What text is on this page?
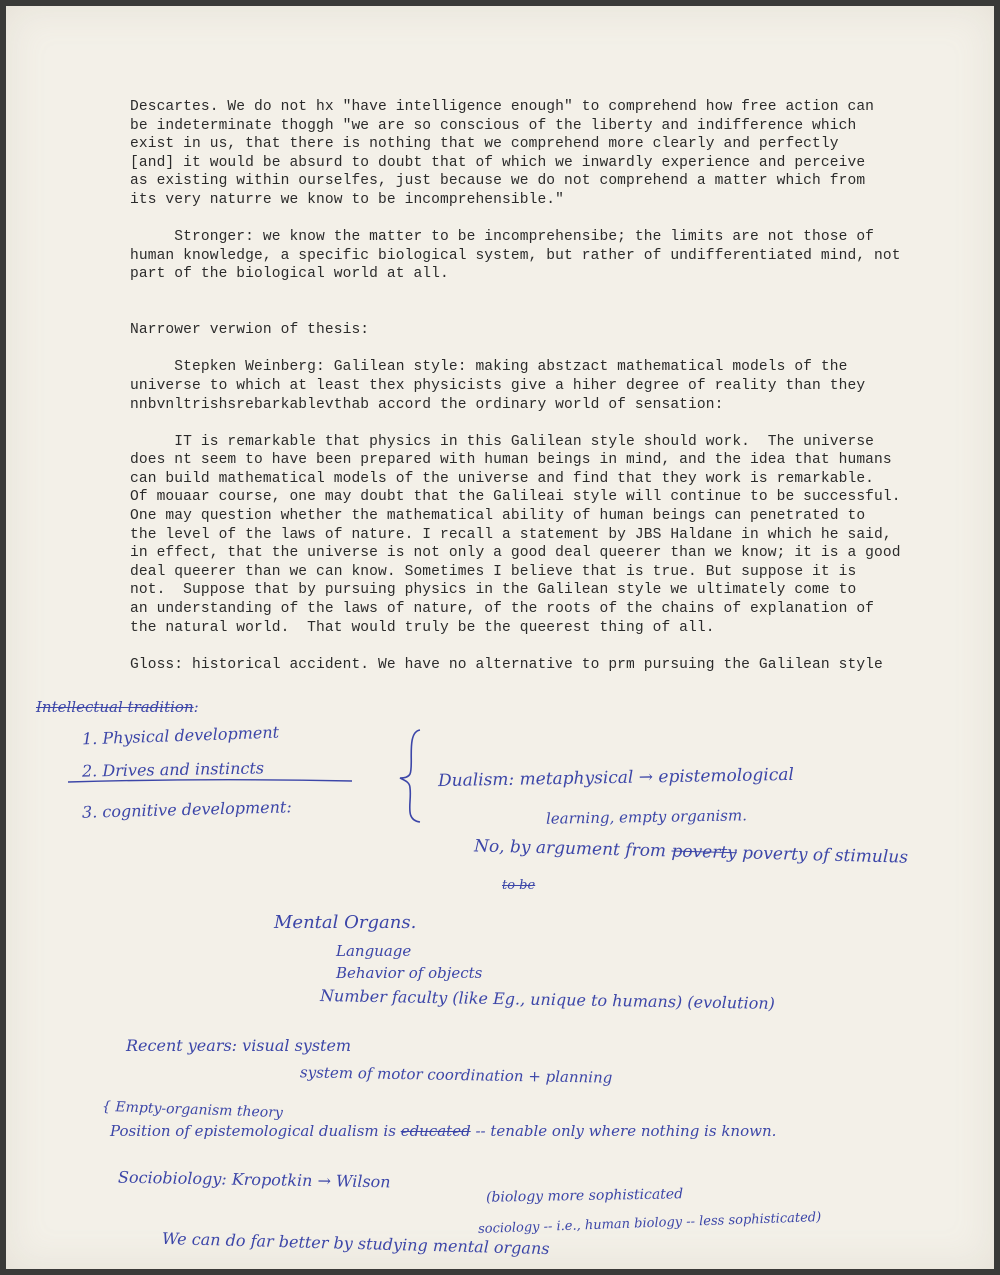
Descartes. We do not hx "have intelligence enough" to comprehend how free action can
be indeterminate thoggh "we are so conscious of the liberty and indifference which
exist in us, that there is nothing that we comprehend more clearly and perfectly
[and] it would be absurd to doubt that of which we inwardly experience and perceive
as existing within ourselfes, just because we do not comprehend a matter which from
its very naturre we know to be incomprehensible."
Stronger: we know the matter to be incomprehensibe; the limits are not those of
human knowledge, a specific biological system, but rather of undifferentiated mind, not
part of the biological world at all.
Narrower verwion of thesis:
Stepken Weinberg: Galilean style: making abstzact mathematical models of the
universe to which at least thex physicists give a hiher degree of reality than they
nnbvnltrishsrebarkablevthab accord the ordinary world of sensation:
IT is remarkable that physics in this Galilean style should work.  The universe
does nt seem to have been prepared with human beings in mind, and the idea that humans
can build mathematical models of the universe and find that they work is remarkable.
Of mouaar course, one may doubt that the Galileai style will continue to be successful.
One may question whether the mathematical ability of human beings can penetrated to
the level of the laws of nature. I recall a statement by JBS Haldane in which he said,
in effect, that the universe is not only a good deal queerer than we know; it is a good
deal queerer than we can know. Sometimes I believe that is true. But suppose it is
not.  Suppose that by pursuing physics in the Galilean style we ultimately come to
an understanding of the laws of nature, of the roots of the chains of explanation of
the natural world.  That would truly be the queerest thing of all.
Gloss: historical accident. We have no alternative to prm pursuing the Galilean style
Intellectual tradition:
1. Physical development
2. Drives and instincts
3. cognitive development:
Dualism: metaphysical → epistemological
learning, empty organism.
No, by argument from poverty poverty of stimulus
to be
Mental Organs.
Language
Behavior of objects
Number faculty (like Eg., unique to humans) (evolution)
Recent years: visual system
system of motor coordination + planning
{ Empty-organism theory
Position of epistemological dualism is educated -- tenable only where nothing is known.
Sociobiology: Kropotkin → Wilson
(biology more sophisticated
sociology -- i.e., human biology -- less sophisticated)
We can do far better by studying mental organs
